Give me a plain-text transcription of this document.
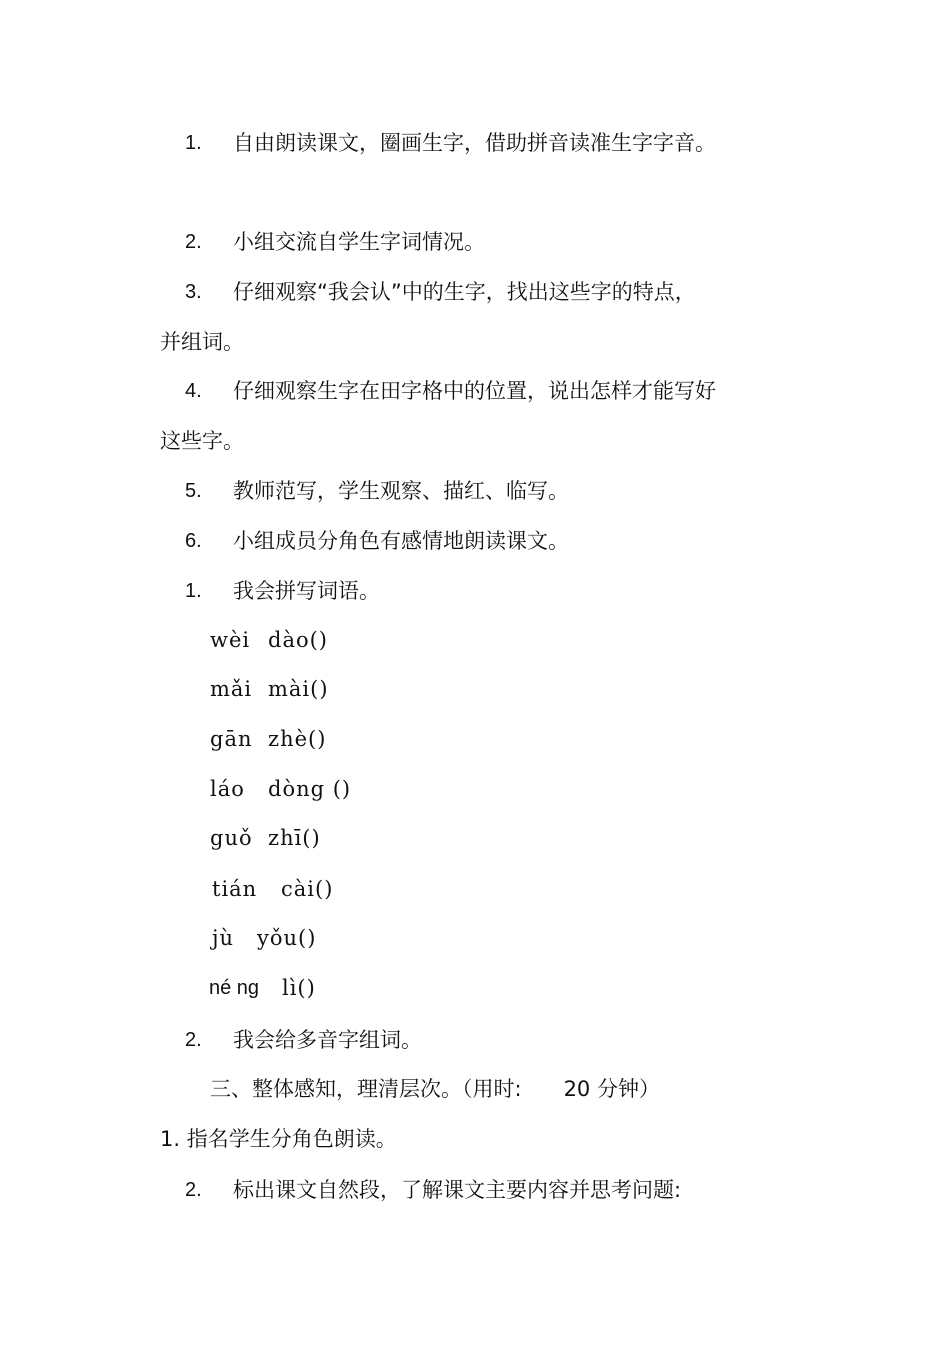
1. 自由朗读课文，圈画生字，借助拼音读准生字字音。
2. 小组交流自学生字词情况。
3. 仔细观察“我会认”中的生字，找出这些字的特点，
并组词。
4. 仔细观察生字在田字格中的位置，说出怎样才能写好
这些字。
5. 教师范写，学生观察、描红、临写。
6. 小组成员分角色有感情地朗读课文。
1. 我会拼写词语。
wèi dào()
mǎi mài()
gān zhè()
láo dòng ()
guǒ zhī()
tián cài()
jù yǒu()
né ng lì()
2. 我会给多音字组词。
三、整体感知，理清层次。（用时:　　20 分钟）
1. 指名学生分角色朗读。
2. 标出课文自然段，了解课文主要内容并思考问题:
